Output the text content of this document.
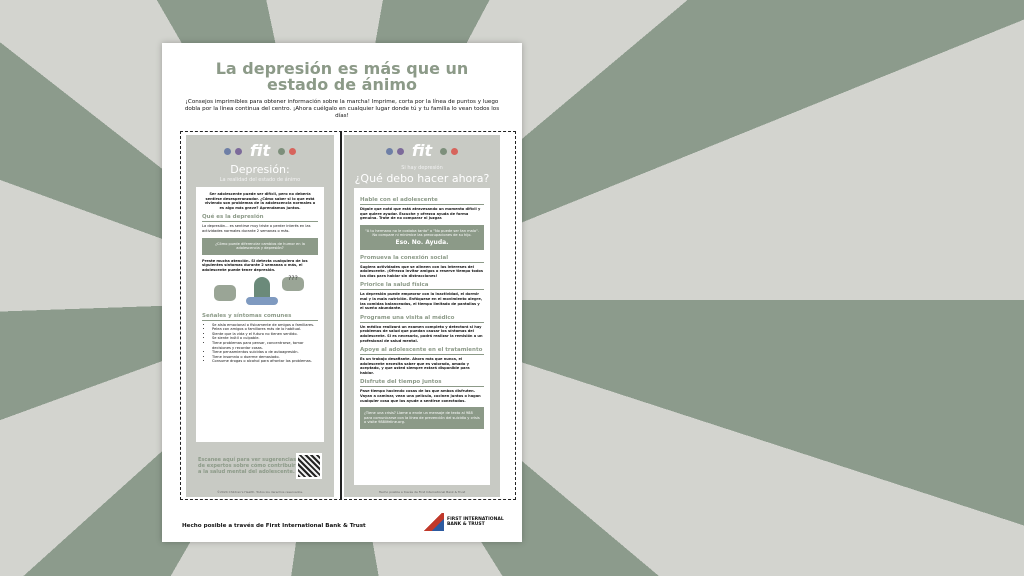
La depresión es más que un estado de ánimo
¡Consejos imprimibles para obtener información sobre la marcha! Imprime, corta por la línea de puntos y luego dobla por la línea continua del centro. ¡Ahora cuélgalo en cualquier lugar donde tú y tu familia lo vean todos los días!
fit
Depresión:
La realidad del estado de ánimo

Ser adolescente puede ser difícil, pero no debería sentirse desesperanzador. ¿Cómo saber si lo que está viviendo son problemas de la adolescencia normales o es algo más grave? Aprendamos juntos.

Qué es la depresión

La depresión... es sentirse muy triste o perder interés en las actividades normales durante 2 semanas o más.

¿Cómo puede diferenciar cambios de humor en la adolescencia y depresión?

Preste mucha atención. Si detecta cualquiera de los siguientes síntomas durante 2 semanas o más, el adolescente puede tener depresión.

???
Señales y síntomas comunes
• Se aísla emocional o físicamente de amigos o familiares.
• Pelea con amigos o familiares más de lo habitual.
• Siente que la vida y el futuro no tienen sentido.
• Se siente inútil o culpable.
• Tiene problemas para pensar, concentrarse, tomar decisiones y recordar cosas.
• Tiene pensamientos suicidas o de autoagresión.
• Tiene insomnio o duerme demasiado.
• Consume drogas o alcohol para afrontar los problemas.
Escanee aquí para ver sugerencias de expertos sobre cómo contribuir a la salud mental del adolescente.
©2024 Children's Health. Todos los derechos reservados.
fit
Si hay depresión
¿Qué debo hacer ahora?
Hable con el adolescente

Dígale que notó que está atravesando un momento difícil y que quiere ayudar. Escuche y ofrezca ayuda de forma genuina. Trate de no comparar ni juzgar.

"A tu hermano no le costaba tanto" o "No puede ser tan malo". No compare ni minimice las preocupaciones de su hijo.

Eso. No. Ayuda.

Promueva la conexión social

Sugiera actividades que se alineen con los intereses del adolescente. ¡Ofrezca invitar amigos o reserve tiempo todos los días para hablar sin distracciones!

Priorice la salud física

La depresión puede empeorar con la inactividad, el dormir mal y la mala nutrición. Enfóquese en el movimiento alegre, las comidas balanceadas, el tiempo limitado de pantallas y el sueño abundante.

Programe una visita al médico

Un médico realizará un examen completo y detectará si hay problemas de salud que puedan causar los síntomas del adolescente. Si es necesario, podrá realizar la remisión a un profesional de salud mental.

Apoye al adolescente en el tratamiento

Es un trabajo desafiante. Ahora más que nunca, el adolescente necesita saber que es valorado, amado y aceptado, y que usted siempre estará disponible para hablar.

Disfrute del tiempo juntos

Pase tiempo haciendo cosas de las que ambos disfruten. Vayan a caminar, vean una película, cocinen juntos o hagan cualquier cosa que los ayude a sentirse conectados.

¿Tiene una crisis? Llame o envíe un mensaje de texto al 988 para comunicarse con la línea de prevención del suicidio y crisis o visite 988lifeline.org.
Hecho posible a través de First International Bank & Trust
Hecho posible a través de First International Bank & Trust
FIRST INTERNATIONAL BANK & TRUST
